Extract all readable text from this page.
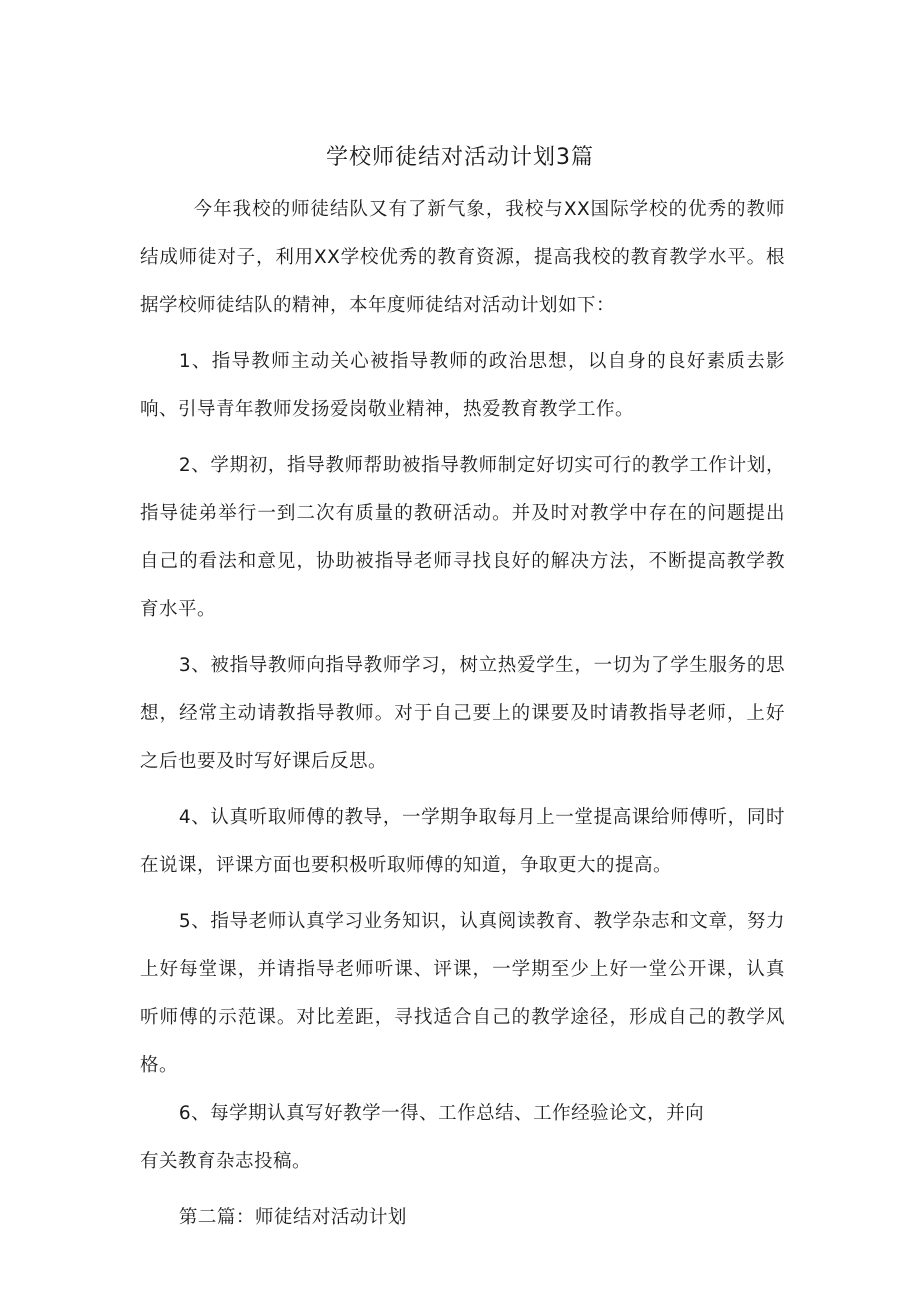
学校师徒结对活动计划3篇

今年我校的师徒结队又有了新气象，我校与XX国际学校的优秀的教师结成师徒对子，利用XX学校优秀的教育资源，提高我校的教育教学水平。根据学校师徒结队的精神，本年度师徒结对活动计划如下：

1、指导教师主动关心被指导教师的政治思想，以自身的良好素质去影响、引导青年教师发扬爱岗敬业精神，热爱教育教学工作。

2、学期初，指导教师帮助被指导教师制定好切实可行的教学工作计划，指导徒弟举行一到二次有质量的教研活动。并及时对教学中存在的问题提出自己的看法和意见，协助被指导老师寻找良好的解决方法，不断提高教学教育水平。

3、被指导教师向指导教师学习，树立热爱学生，一切为了学生服务的思想，经常主动请教指导教师。对于自己要上的课要及时请教指导老师，上好之后也要及时写好课后反思。

4、认真听取师傅的教导，一学期争取每月上一堂提高课给师傅听，同时在说课，评课方面也要积极听取师傅的知道，争取更大的提高。

5、指导老师认真学习业务知识，认真阅读教育、教学杂志和文章，努力上好每堂课，并请指导老师听课、评课，一学期至少上好一堂公开课，认真听师傅的示范课。对比差距，寻找适合自己的教学途径，形成自己的教学风格。

6、每学期认真写好教学一得、工作总结、工作经验论文，并向
有关教育杂志投稿。

第二篇：师徒结对活动计划
